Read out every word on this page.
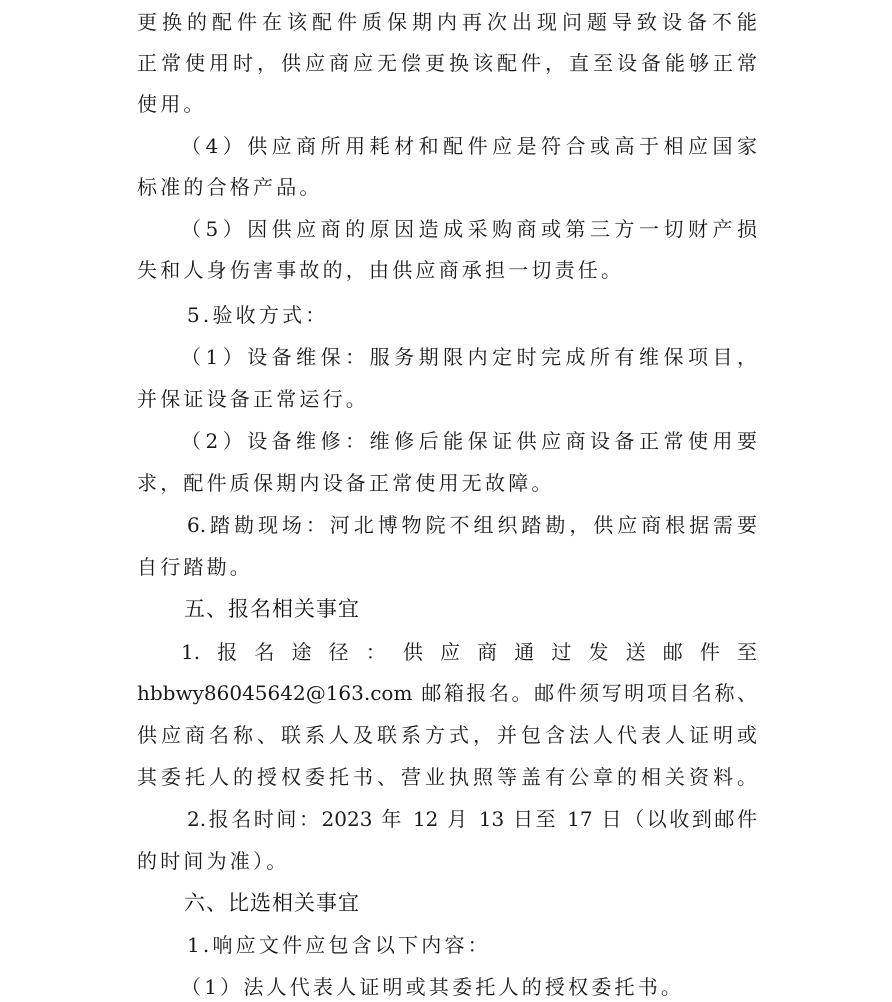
更换的配件在该配件质保期内再次出现问题导致设备不能
正常使用时，供应商应无偿更换该配件，直至设备能够正常
使用。
（4）供应商所用耗材和配件应是符合或高于相应国家
标准的合格产品。
（5）因供应商的原因造成采购商或第三方一切财产损
失和人身伤害事故的，由供应商承担一切责任。
5.验收方式：
（1）设备维保：服务期限内定时完成所有维保项目，
并保证设备正常运行。
（2）设备维修：维修后能保证供应商设备正常使用要
求，配件质保期内设备正常使用无故障。
6.踏勘现场：河北博物院不组织踏勘，供应商根据需要
自行踏勘。
五、报名相关事宜
1. 报 名 途 径 ： 供 应 商 通 过 发 送 邮 件 至
hbbwy86045642@163.com 邮箱报名。邮件须写明项目名称、
供应商名称、联系人及联系方式，并包含法人代表人证明或
其委托人的授权委托书、营业执照等盖有公章的相关资料。
2.报名时间：2023 年 12 月 13 日至 17 日（以收到邮件
的时间为准）。
六、比选相关事宜
1.响应文件应包含以下内容：
（1）法人代表人证明或其委托人的授权委托书。
